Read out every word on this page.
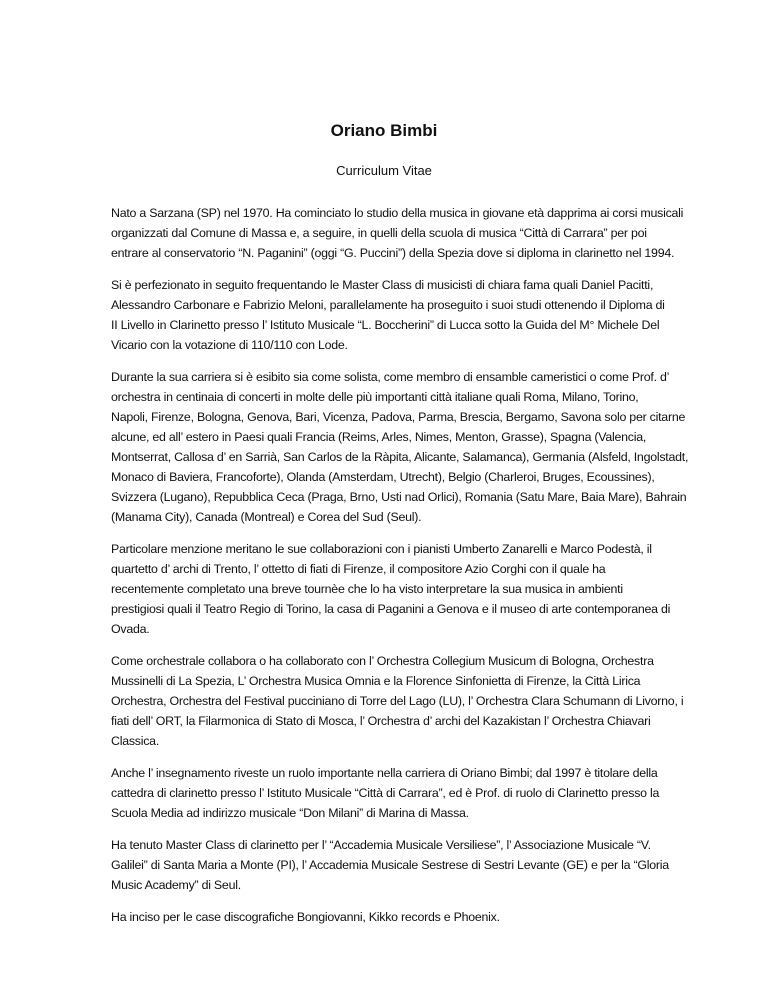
Oriano Bimbi
Curriculum Vitae

Nato a Sarzana (SP) nel 1970. Ha cominciato lo studio della musica in giovane età dapprima ai corsi musicali
organizzati dal Comune di Massa e, a seguire, in quelli della scuola di musica “Città di Carrara” per poi
entrare al conservatorio “N. Paganini” (oggi “G. Puccini”) della Spezia dove si diploma in clarinetto nel 1994.

Si è perfezionato in seguito frequentando le Master Class di musicisti di chiara fama quali Daniel Pacitti,
Alessandro Carbonare e Fabrizio Meloni, parallelamente ha proseguito i suoi studi ottenendo il Diploma di
II Livello in Clarinetto presso l’ Istituto Musicale “L. Boccherini” di Lucca sotto la Guida del M° Michele Del
Vicario con la votazione di 110/110 con Lode.

Durante la sua carriera si è esibito sia come solista, come membro di ensamble cameristici o come Prof. d’
orchestra in centinaia di concerti in molte delle più importanti città italiane quali Roma, Milano, Torino,
Napoli, Firenze, Bologna, Genova, Bari, Vicenza, Padova, Parma, Brescia, Bergamo, Savona solo per citarne
alcune, ed all’ estero in Paesi quali Francia (Reims, Arles, Nimes, Menton, Grasse), Spagna (Valencia,
Montserrat, Callosa d’ en Sarrià, San Carlos de la Ràpita, Alicante, Salamanca), Germania (Alsfeld, Ingolstadt,
Monaco di Baviera, Francoforte), Olanda (Amsterdam, Utrecht), Belgio (Charleroi, Bruges, Ecoussines),
Svizzera (Lugano), Repubblica Ceca (Praga, Brno, Usti nad Orlici), Romania (Satu Mare, Baia Mare), Bahrain
(Manama City), Canada (Montreal) e Corea del Sud (Seul).

Particolare menzione meritano le sue collaborazioni con i pianisti Umberto Zanarelli e Marco Podestà, il
quartetto d’ archi di Trento, l’ ottetto di fiati di Firenze, il compositore Azio Corghi con il quale ha
recentemente completato una breve tournèe che lo ha visto interpretare la sua musica in ambienti
prestigiosi quali il Teatro Regio di Torino, la casa di Paganini a Genova e il museo di arte contemporanea di
Ovada.

Come orchestrale collabora o ha collaborato con l’ Orchestra Collegium Musicum di Bologna, Orchestra
Mussinelli di La Spezia, L’ Orchestra Musica Omnia e la Florence Sinfonietta di Firenze, la Città Lirica
Orchestra, Orchestra del Festival pucciniano di Torre del Lago (LU), l’ Orchestra Clara Schumann di Livorno, i
fiati dell’ ORT, la Filarmonica di Stato di Mosca, l’ Orchestra d’ archi del Kazakistan l’ Orchestra Chiavari
Classica.

Anche l’ insegnamento riveste un ruolo importante nella carriera di Oriano Bimbi; dal 1997 è titolare della
cattedra di clarinetto presso l’ Istituto Musicale “Città di Carrara”, ed è Prof. di ruolo di Clarinetto presso la
Scuola Media ad indirizzo musicale “Don Milani” di Marina di Massa.

Ha tenuto Master Class di clarinetto per l’ “Accademia Musicale Versiliese”, l’ Associazione Musicale “V.
Galilei” di Santa Maria a Monte (PI), l’ Accademia Musicale Sestrese di Sestri Levante (GE) e per la “Gloria
Music Academy” di Seul.

Ha inciso per le case discografiche Bongiovanni, Kikko records e Phoenix.
